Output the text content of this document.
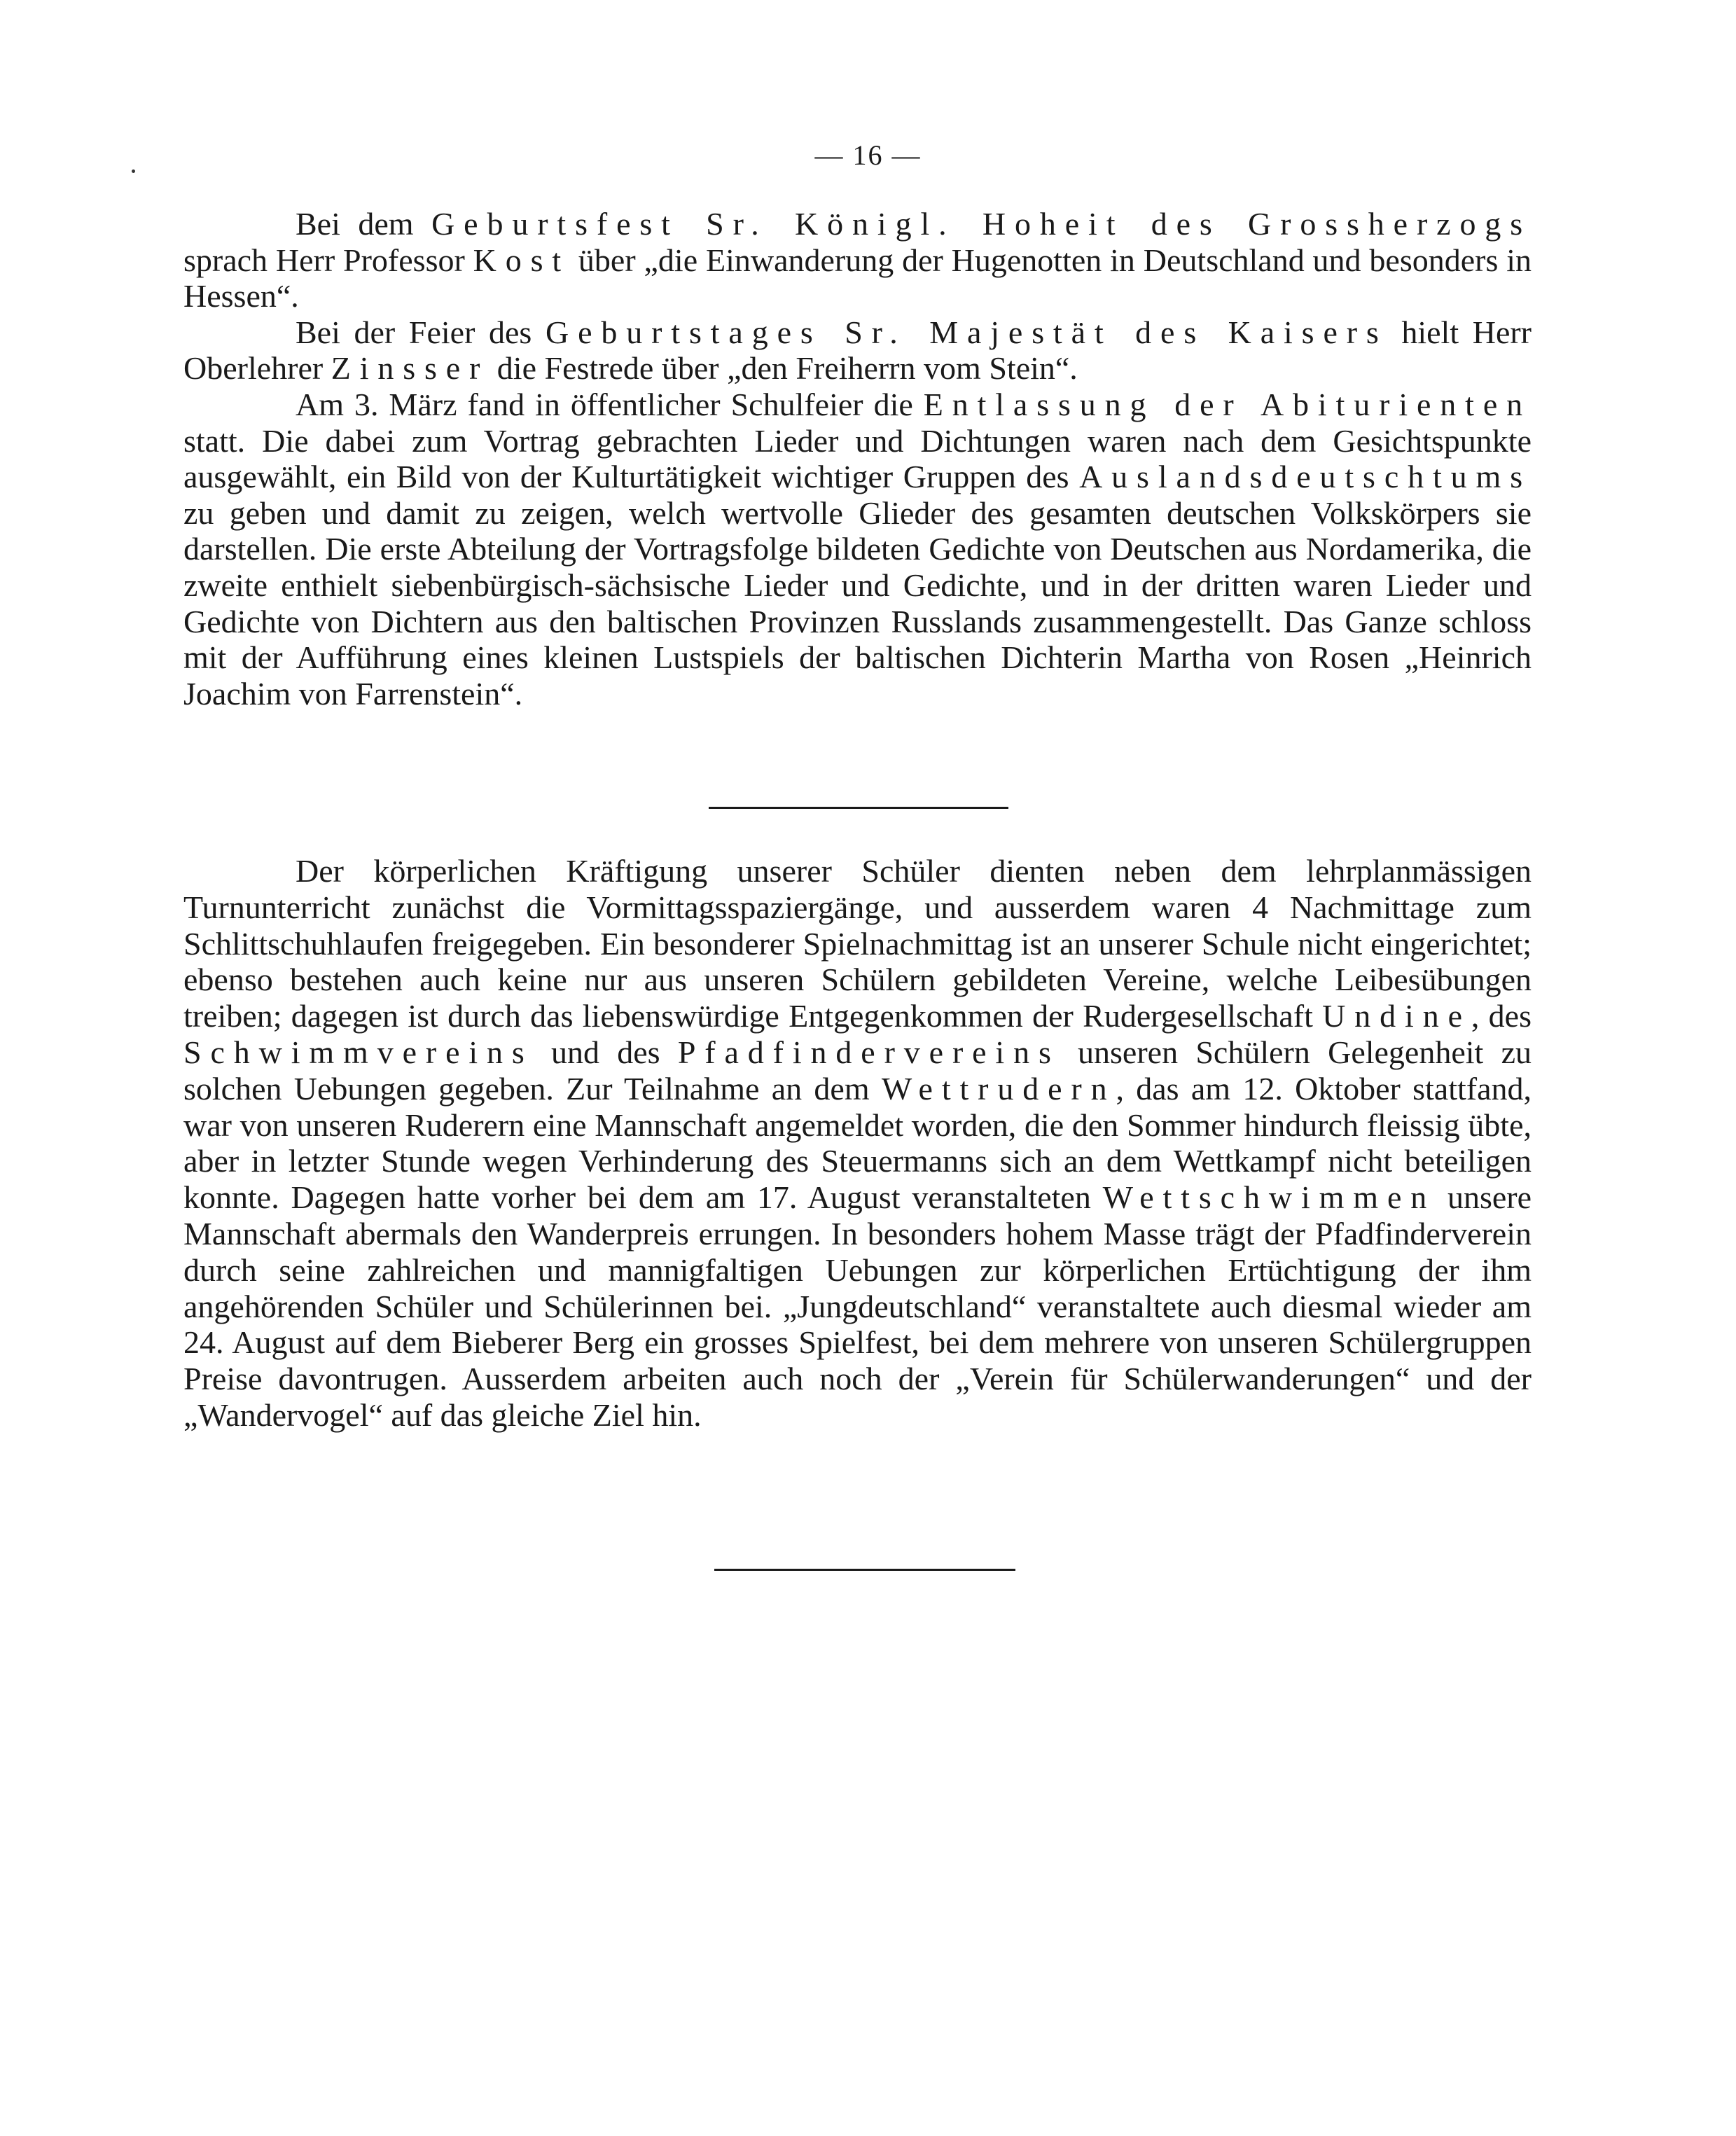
— 16 —

Bei dem Geburtsfest Sr. Königl. Hoheit des Grossherzogs sprach Herr Professor Kost über „die Einwanderung der Hugenotten in Deutschland und besonders in Hessen“.

Bei der Feier des Geburtstages Sr. Majestät des Kaisers hielt Herr Oberlehrer Zinsser die Festrede über „den Freiherrn vom Stein“.

Am 3. März fand in öffentlicher Schulfeier die Entlassung der Abiturienten statt. Die dabei zum Vortrag gebrachten Lieder und Dichtungen waren nach dem Gesichtspunkte ausgewählt, ein Bild von der Kulturtätigkeit wichtiger Gruppen des Auslandsdeutschtums zu geben und damit zu zeigen, welch wertvolle Glieder des gesamten deutschen Volkskörpers sie darstellen. Die erste Abteilung der Vortragsfolge bildeten Gedichte von Deutschen aus Nordamerika, die zweite enthielt siebenbürgisch-sächsische Lieder und Gedichte, und in der dritten waren Lieder und Gedichte von Dichtern aus den baltischen Provinzen Russlands zusammengestellt. Das Ganze schloss mit der Aufführung eines kleinen Lustspiels der baltischen Dichterin Martha von Rosen „Heinrich Joachim von Farrenstein“.

Der körperlichen Kräftigung unserer Schüler dienten neben dem lehrplanmässigen Turnunterricht zunächst die Vormittagsspaziergänge, und ausserdem waren 4 Nachmittage zum Schlittschuhlaufen freigegeben. Ein besonderer Spielnachmittag ist an unserer Schule nicht eingerichtet; ebenso bestehen auch keine nur aus unseren Schülern gebildeten Vereine, welche Leibesübungen treiben; dagegen ist durch das liebenswürdige Entgegenkommen der Rudergesellschaft Undine, des Schwimmvereins und des Pfadfindervereins unseren Schülern Gelegenheit zu solchen Uebungen gegeben. Zur Teilnahme an dem Wettrudern, das am 12. Oktober stattfand, war von unseren Ruderern eine Mannschaft angemeldet worden, die den Sommer hindurch fleissig übte, aber in letzter Stunde wegen Verhinderung des Steuermanns sich an dem Wettkampf nicht beteiligen konnte. Dagegen hatte vorher bei dem am 17. August veranstalteten Wettschwimmen unsere Mannschaft abermals den Wanderpreis errungen. In besonders hohem Masse trägt der Pfadfinderverein durch seine zahlreichen und mannigfaltigen Uebungen zur körperlichen Ertüchtigung der ihm angehörenden Schüler und Schülerinnen bei. „Jungdeutschland“ veranstaltete auch diesmal wieder am 24. August auf dem Bieberer Berg ein grosses Spielfest, bei dem mehrere von unseren Schülergruppen Preise davontrugen. Ausserdem arbeiten auch noch der „Verein für Schülerwanderungen“ und der „Wandervogel“ auf das gleiche Ziel hin.
